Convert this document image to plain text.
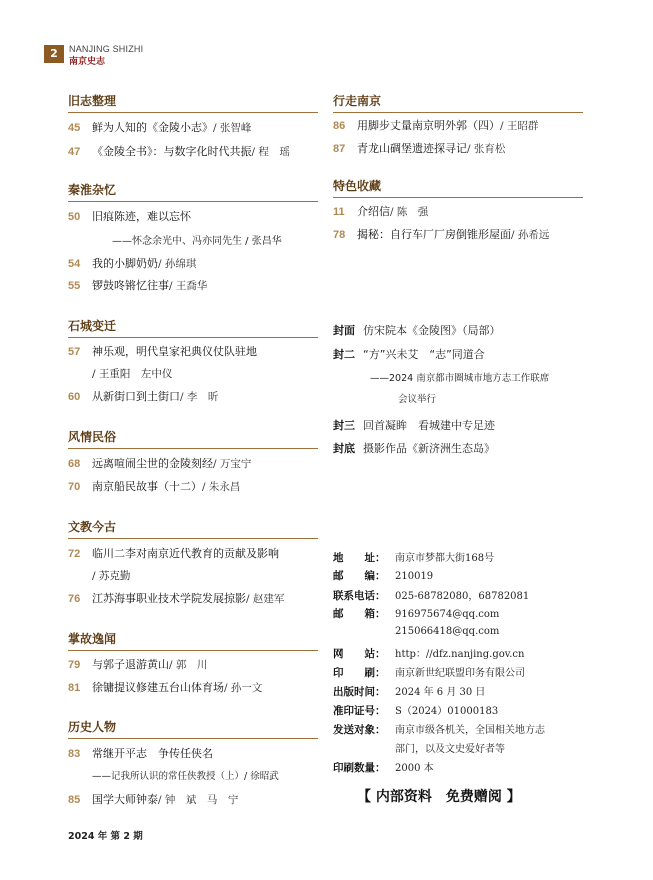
2	NANJING SHIZHI
南京史志
旧志整理
45 鲜为人知的《金陵小志》/ 张智峰
47 《金陵全书》：与数字化时代共振/ 程　瑶
秦淮杂忆
50 旧痕陈迹，难以忘怀
——怀念余光中、冯亦同先生 / 张昌华
54 我的小脚奶奶/ 孙绵琪
55 锣鼓咚锵忆往事/ 王喬华
石城变迁
57 神乐观，明代皇家祀典仪仗队驻地
/ 王重阳　左中仪
60 从新街口到土街口/ 李　昕
风情民俗
68 远离喧闹尘世的金陵刻经/ 万宝宁
70 南京船民故事（十二）/ 朱永昌
文教今古
72 临川二李对南京近代教育的贡献及影响
/ 苏克勤
76 江苏海事职业技术学院发展掠影/ 赵建军
掌故逸闻
79 与郭子退游黄山/ 郭　川
81 徐镛提议修建五台山体育场/ 孙一文
历史人物
83 常继开平志　争传任侠名
——记我所认识的常任侠教授（上）/ 徐昭武
85 国学大师钟泰/ 钟　斌　马　宁
行走南京
86 用脚步丈量南京明外郭（四）/ 王昭群
87 青龙山碉堡遗迹探寻记/ 张育松
特色收藏
11 介绍信/ 陈　强
78 揭秘：自行车厂厂房倒锥形屋面/ 孙希远
封面 仿宋院本《金陵图》（局部）
封二 “方”兴未艾　“志”同道合
——2024 南京都市圈城市地方志工作联席
会议举行
封三 回首凝眸　看城建中专足迹
封底 摄影作品《新济洲生态岛》
地　　址： 南京市梦都大街168号
邮　　编： 210019
联系电话： 025-68782080，68782081
邮　　箱： 916975674@qq.com
215066418@qq.com
网　　站： http：//dfz.nanjing.gov.cn
印　　刷： 南京新世纪联盟印务有限公司
出版时间： 2024 年 6 月 30 日
准印证号： S（2024）01000183
发送对象： 南京市级各机关，全国相关地方志
部门，以及文史爱好者等
印刷数量： 2000 本
【 内部资料　免费赠阅 】
2024 年 第 2 期
